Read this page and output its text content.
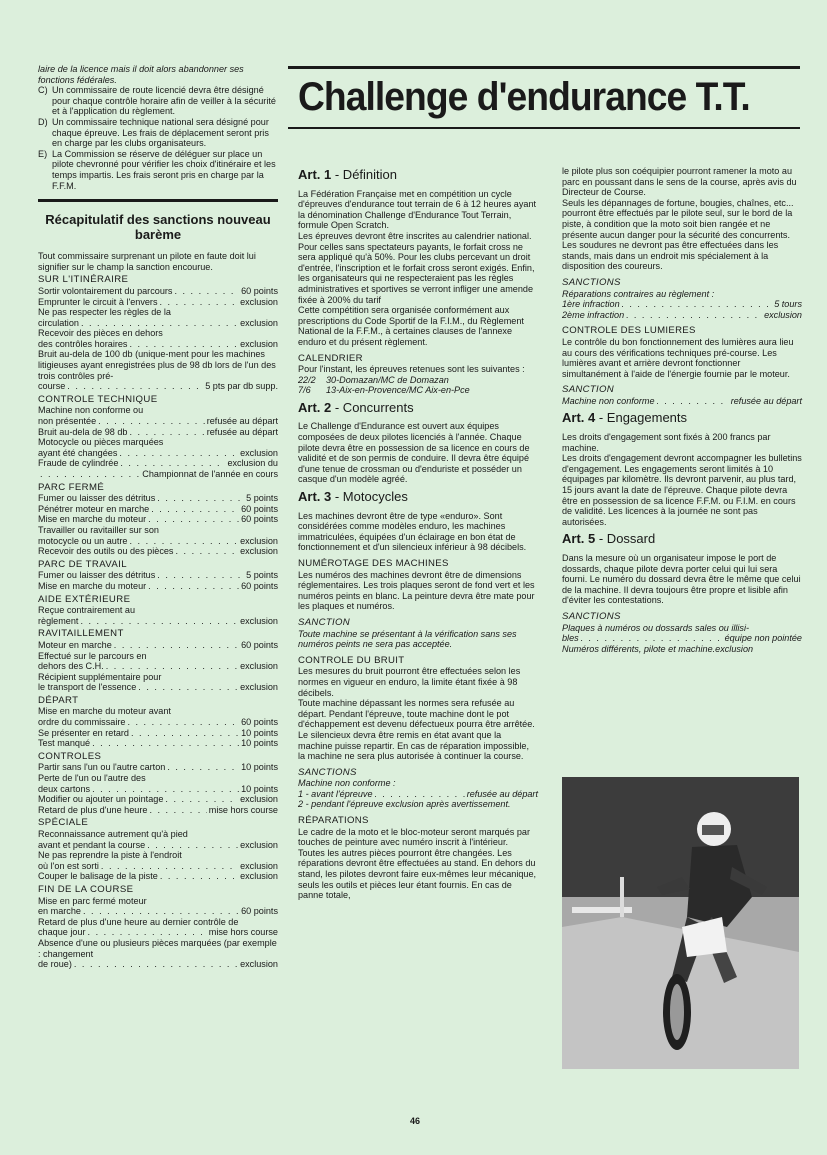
laire de la licence mais il doit alors abandonner ses fonctions fédérales.

C) Un commissaire de route licencié devra être désigné pour chaque contrôle horaire afin de veiller à la sécurité et à l'application du règlement.
D) Un commissaire technique national sera désigné pour chaque épreuve. Les frais de déplacement seront pris en charge par les clubs organisateurs.
E) La Commission se réserve de déléguer sur place un pilote chevronné pour vérifier les choix d'itinéraire et les temps impartis. Les frais seront pris en charge par la F.F.M.
Récapitulatif des sanctions nouveau barème

Tout commissaire surprenant un pilote en faute doit lui signifier sur le champ la sanction encourue.

SUR L'ITINÉRAIRE
Sortir volontairement du parcours . . .	60 points
Emprunter le circuit à l'envers . . .	exclusion

Ne pas respecter les règles de la

circulation . . .	exclusion

Recevoir des pièces en dehors

des contrôles horaires . . .	exclusion

Bruit au-dela de 100 db (unique-ment pour les machines litigieuses ayant enregistrées plus de 98 db lors de l'un des trois contrôles pré-

course . . .	5 pts par db supp.
CONTROLE TECHNIQUE

Machine non conforme ou

non présentée . . .	refusée au départ
Bruit au-dela de 98 db . . .	refusée au départ

Motocycle ou pièces marquées

ayant été changées . . .	exclusion
Fraude de cylindrée . . .	exclusion du
. . .
Championnat de l'année en cours
PARC FERMÉ
Fumer ou laisser des détritus . . .	5 points
Pénétrer moteur en marche . . .	60 points
Mise en marche du moteur . . .	60 points

Travailler ou ravitailler sur son

motocycle ou un autre . . .	exclusion
Recevoir des outils ou des pièces . . .	exclusion
PARC DE TRAVAIL
Fumer ou laisser des détritus . . .	5 points
Mise en marche du moteur . . .	60 points
AIDE EXTÉRIEURE

Reçue contrairement au

règlement . . .	exclusion
RAVITAILLEMENT
Moteur en marche . . .	60 points

Effectué sur le parcours en

dehors des C.H. . . .	exclusion

Récipient supplémentaire pour

le transport de l'essence . . .	exclusion
DÉPART

Mise en marche du moteur avant

ordre du commissaire . . .	60 points
Se présenter en retard . . .	10 points
Test manqué . . .	10 points
CONTROLES
Partir sans l'un ou l'autre carton . . .	10 points

Perte de l'un ou l'autre des

deux cartons . . .	10 points
Modifier ou ajouter un pointage . . .	exclusion
Retard de plus d'une heure . . .	mise hors course
SPÉCIALE

Reconnaissance autrement qu'à pied

avant et pendant la course . . .	exclusion

Ne pas reprendre la piste à l'endroit

où l'on est sorti . . .	exclusion
Couper le balisage de la piste . . .	exclusion
FIN DE LA COURSE

Mise en parc fermé moteur

en marche . . .	60 points

Retard de plus d'une heure au dernier contrôle de

chaque jour . . .	mise hors course

Absence d'une ou plusieurs pièces marquées (par exemple : changement

de roue) . . .	exclusion
Challenge d'endurance T.T.
Art. 1 - Définition

La Fédération Française met en compétition un cycle d'épreuves d'endurance tout terrain de 6 à 12 heures ayant la dénomination Challenge d'Endurance Tout Terrain, formule Open Scratch.

Les épreuves devront être inscrites au calendrier national. Pour celles sans spectateurs payants, le forfait cross ne sera appliqué qu'à 50%. Pour les clubs percevant un droit d'entrée, l'inscription et le forfait cross seront exigés. Enfin, les organisateurs qui ne respecteraient pas les règles administratives et sportives se verront infliger une amende fixée à 200% du tarif

Cette compétition sera organisée conformément aux prescriptions du Code Sportif de la F.I.M., du Règlement National de la F.F.M., à certaines clauses de l'annexe enduro et du présent règlement.

CALENDRIER

Pour l'instant, les épreuves retenues sont les suivantes :

22/2	30-Domazan/MC de Domazan
7/6	13-Aix-en-Provence/MC Aix-en-Pce
Art. 2 - Concurrents

Le Challenge d'Endurance est ouvert aux équipes composées de deux pilotes licenciés à l'année. Chaque pilote devra être en possession de sa licence en cours de validité et de son permis de conduire. Il devra être équipé d'une tenue de crossman ou d'enduriste et posséder un casque d'un modèle agréé.

Art. 3 - Motocycles

Les machines devront être de type «enduro». Sont considérées comme modèles enduro, les machines immatriculées, équipées d'un éclairage en bon état de fonctionnement et d'un silencieux inférieur à 98 décibels.

NUMÉROTAGE DES MACHINES

Les numéros des machines devront être de dimensions réglementaires. Les trois plaques seront de fond vert et les numéros peints en blanc. La peinture devra être mate pour les plaques et numéros.

SANCTION

Toute machine se présentant à la vérification sans ses numéros peints ne sera pas acceptée.

CONTROLE DU BRUIT

Les mesures du bruit pourront être effectuées selon les normes en vigueur en enduro, la limite étant fixée à 98 décibels.

Toute machine dépassant les normes sera refusée au départ. Pendant l'épreuve, toute machine dont le pot d'échappement est devenu défectueux pourra être arrêtée. Le silencieux devra être remis en état avant que la machine puisse repartir. En cas de réparation impossible, la machine ne sera plus autorisée à continuer la course.

SANCTIONS

Machine non conforme :

1 - avant l'épreuve . . .	refusée au départ

2 - pendant l'épreuve exclusion après avertissement.

RÉPARATIONS

Le cadre de la moto et le bloc-moteur seront marqués par touches de peinture avec numéro inscrit à l'intérieur.

Toutes les autres pièces pourront être changées. Les réparations devront être effectuées au stand. En dehors du stand, les pilotes devront faire eux-mêmes leur mécanique, seuls les outils et pièces leur étant fournis. En cas de panne totale,

le pilote plus son coéquipier pourront ramener la moto au parc en poussant dans le sens de la course, après avis du Directeur de Course.

Seuls les dépannages de fortune, bougies, chaînes, etc... pourront être effectués par le pilote seul, sur le bord de la piste, à condition que la moto soit bien rangée et ne présente aucun danger pour la sécurité des concurrents.

Les soudures ne devront pas être effectuées dans les stands, mais dans un endroit mis spécialement à la disposition des coureurs.

SANCTIONS

Réparations contraires au règlement :

1ère infraction . . .	5 tours
2ème infraction . . .	exclusion
CONTROLE DES LUMIERES

Le contrôle du bon fonctionnement des lumières aura lieu au cours des vérifications techniques pré-course. Les lumières avant et arrière devront fonctionner simultanément à l'aide de l'énergie fournie par le moteur.

SANCTION
Machine non conforme . . .	refusée au départ
Art. 4 - Engagements

Les droits d'engagement sont fixés à 200 francs par machine.

Les droits d'engagement devront accompagner les bulletins d'engagement. Les engagements seront limités à 10 équipages par kilomètre. Ils devront parvenir, au plus tard, 15 jours avant la date de l'épreuve. Chaque pilote devra être en possession de sa licence F.F.M. ou F.I.M. en cours de validité. Les licences à la journée ne sont pas autorisées.

Art. 5 - Dossard

Dans la mesure où un organisateur impose le port de dossards, chaque pilote devra porter celui qui lui sera fourni. Le numéro du dossard devra être le même que celui de la machine. Il devra toujours être propre et lisible afin d'éviter les contestations.

SANCTIONS

Plaques à numéros ou dossards sales ou illisi-

bles . . .	équipe non pointée

Numéros différents, pilote et machine.exclusion

46
